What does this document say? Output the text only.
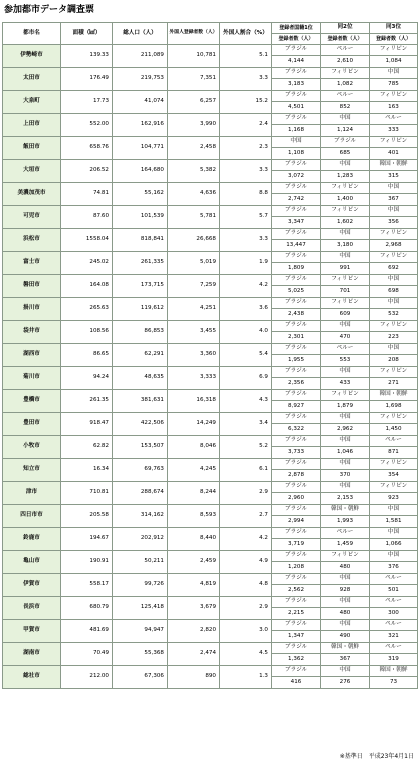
参加都市データ調査票
都市名	面積（㎢）	総人口（人）	外国人登録者数（人）	外国人割合（%）	登録者国籍1位	同2位	同3位
					登録者数（人）	登録者数（人）	登録者数（人）
伊勢崎市	139.33	211,089	10,781	5.1	ブラジル	ペルー	フィリピン
					4,144	2,610	1,084
太田市	176.49	219,753	7,351	3.3	ブラジル	フィリピン	中国
					3,183	1,082	785
大泉町	17.73	41,074	6,257	15.2	ブラジル	ペルー	フィリピン
					4,501	852	163
上田市	552.00	162,916	3,990	2.4	ブラジル	中国	ペルー
					1,168	1,124	333
飯田市	658.76	104,771	2,458	2.3	中国	ブラジル	フィリピン
					1,108	685	401
大垣市	206.52	164,680	5,382	3.3	ブラジル	中国	韓国・朝鮮
					3,072	1,283	315
美濃加茂市	74.81	55,162	4,636	8.8	ブラジル	フィリピン	中国
					2,742	1,400	367
可児市	87.60	101,539	5,781	5.7	ブラジル	フィリピン	中国
					3,347	1,602	356
浜松市	1558.04	818,841	26,668	3.3	ブラジル	中国	フィリピン
					13,447	3,180	2,968
富士市	245.02	261,335	5,019	1.9	ブラジル	中国	フィリピン
					1,809	991	692
磐田市	164.08	173,715	7,259	4.2	ブラジル	フィリピン	中国
					5,025	701	698
掛川市	265.63	119,612	4,251	3.6	ブラジル	フィリピン	中国
					2,438	609	532
袋井市	108.56	86,853	3,455	4.0	ブラジル	中国	フィリピン
					2,301	470	223
湖西市	86.65	62,291	3,360	5.4	ブラジル	ペルー	中国
					1,955	553	208
菊川市	94.24	48,635	3,333	6.9	ブラジル	中国	フィリピン
					2,356	433	271
豊橋市	261.35	381,631	16,318	4.3	ブラジル	フィリピン	韓国・朝鮮
					8,927	1,879	1,698
豊田市	918.47	422,506	14,249	3.4	ブラジル	中国	フィリピン
					6,322	2,962	1,450
小牧市	62.82	153,507	8,046	5.2	ブラジル	中国	ペルー
					3,733	1,046	871
知立市	16.34	69,763	4,245	6.1	ブラジル	中国	フィリピン
					2,878	370	354
津市	710.81	288,674	8,244	2.9	ブラジル	中国	フィリピン
					2,960	2,153	923
四日市市	205.58	314,162	8,593	2.7	ブラジル	韓国・朝鮮	中国
					2,994	1,993	1,581
鈴鹿市	194.67	202,912	8,440	4.2	ブラジル	ペルー	中国
					3,719	1,459	1,066
亀山市	190.91	50,211	2,459	4.9	ブラジル	フィリピン	中国
					1,208	480	376
伊賀市	558.17	99,726	4,819	4.8	ブラジル	中国	ペルー
					2,562	928	501
長浜市	680.79	125,418	3,679	2.9	ブラジル	中国	ペルー
					2,215	480	300
甲賀市	481.69	94,947	2,820	3.0	ブラジル	中国	ペルー
					1,347	490	321
湖南市	70.49	55,368	2,474	4.5	ブラジル	韓国・朝鮮	ペルー
					1,362	367	319
総社市	212.00	67,306	890	1.3	ブラジル	中国	韓国・朝鮮
					416	276	73
※基準日　平成23年4月1日
